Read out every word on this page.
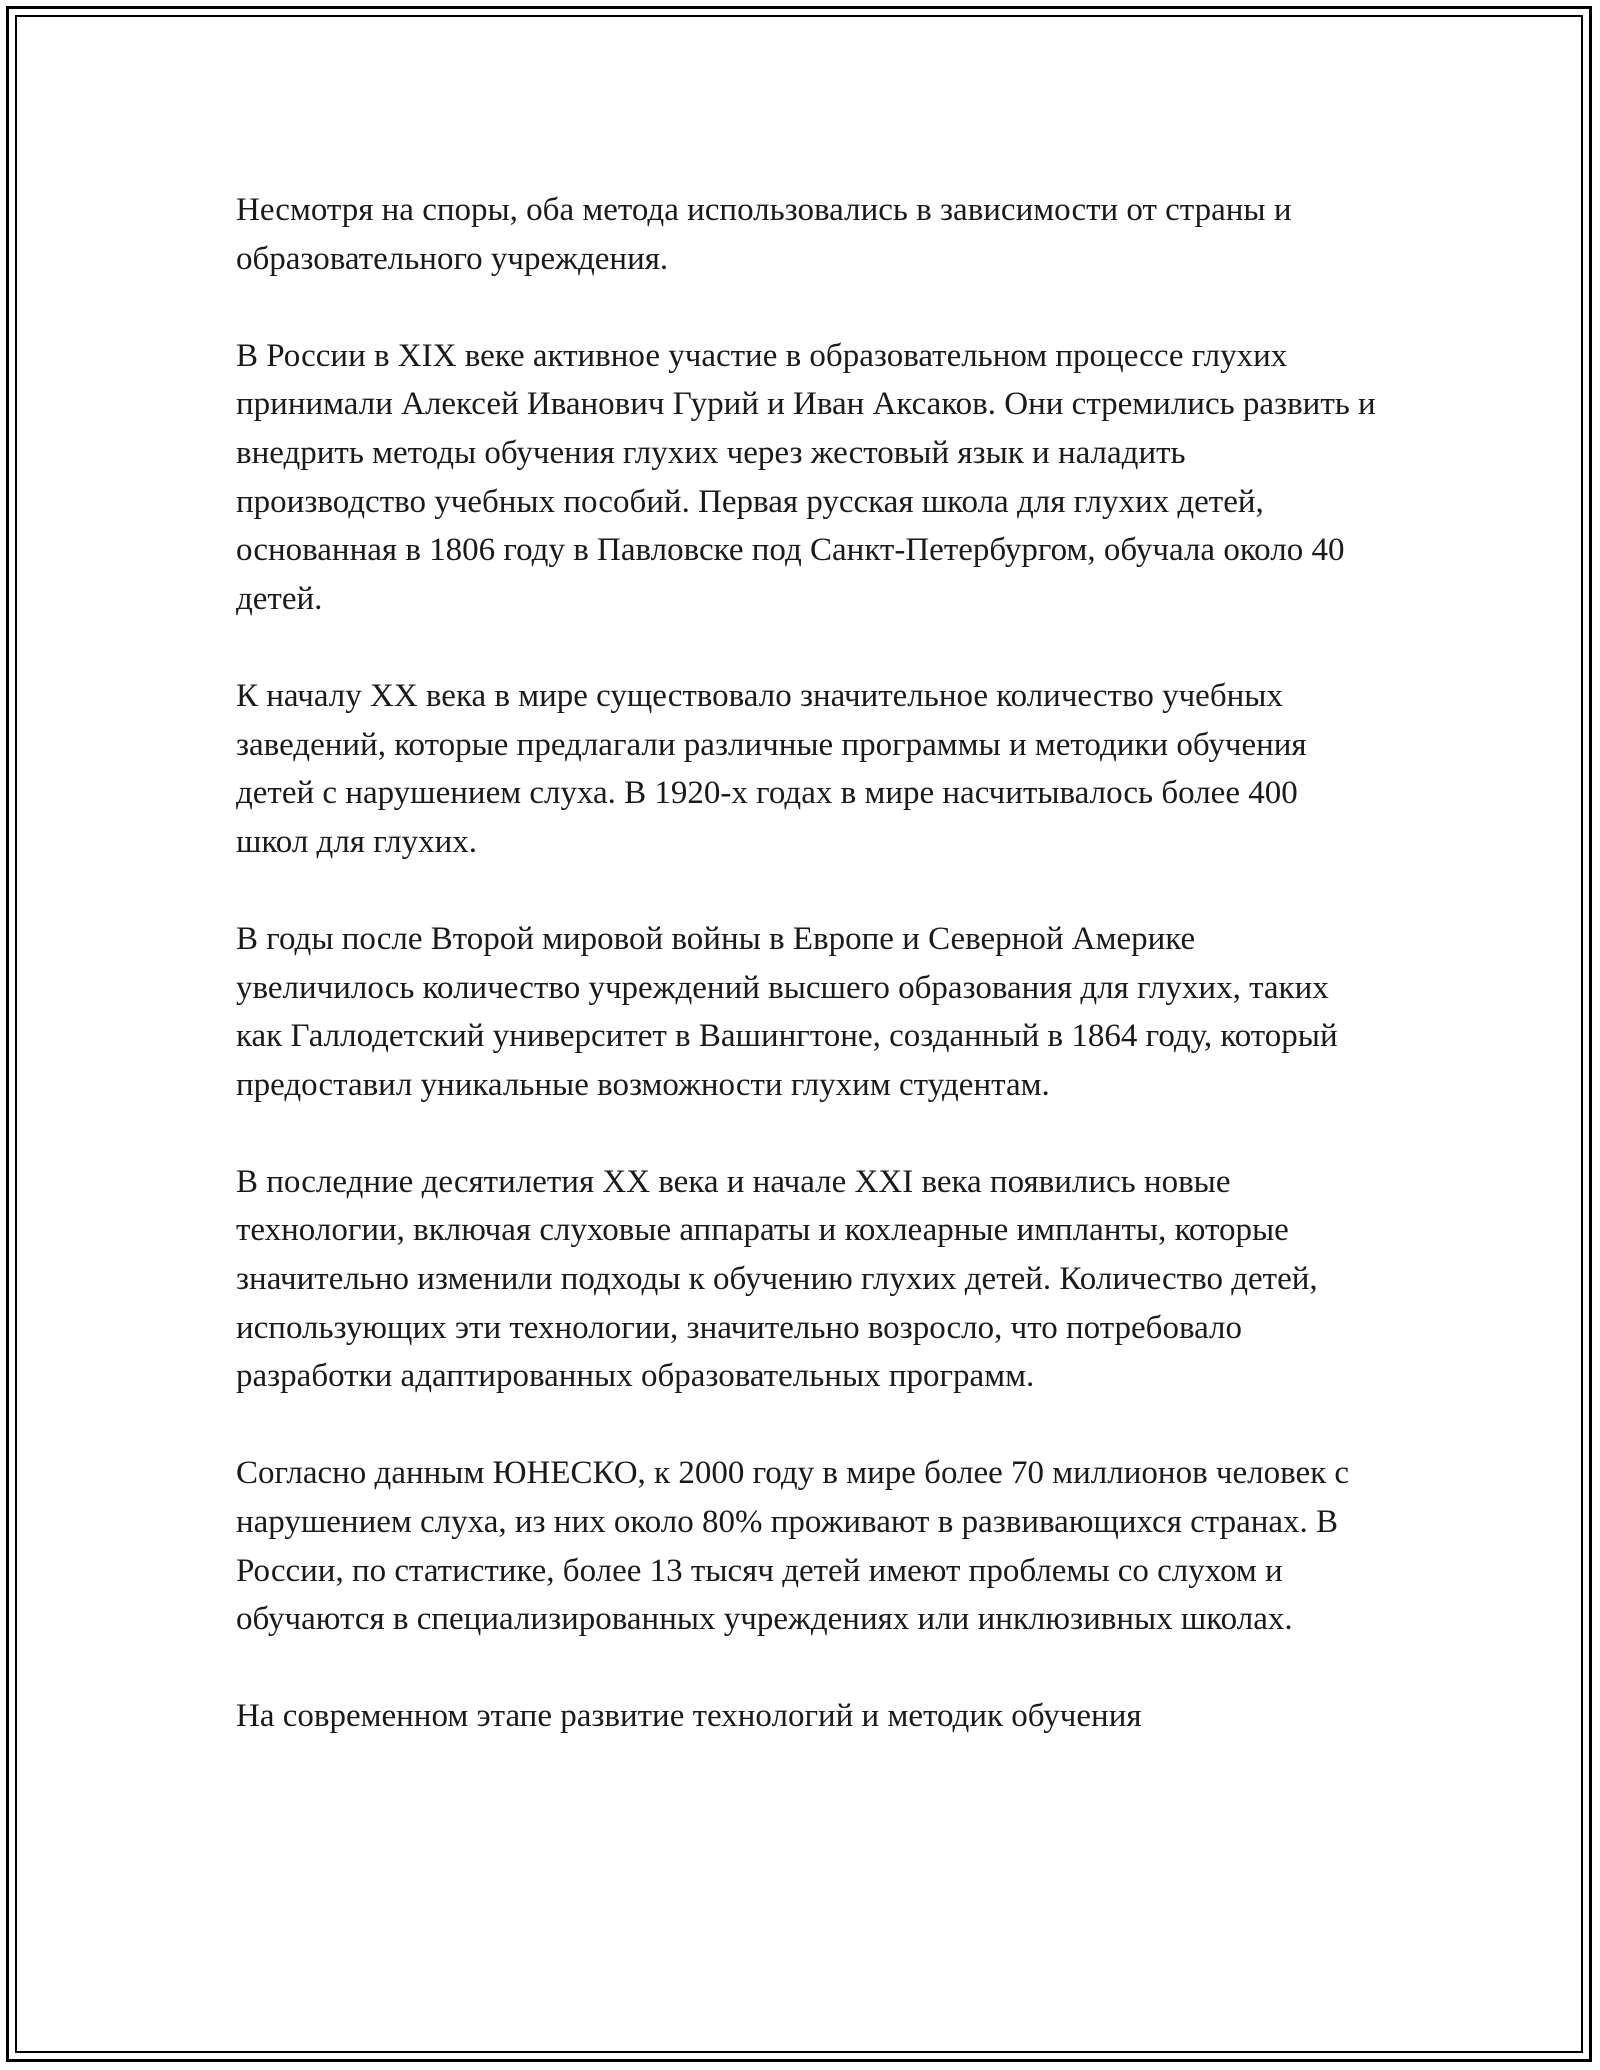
Несмотря на споры, оба метода использовались в зависимости от страны и образовательного учреждения.

В России в XIX веке активное участие в образовательном процессе глухих принимали Алексей Иванович Гурий и Иван Аксаков. Они стремились развить и внедрить методы обучения глухих через жестовый язык и наладить производство учебных пособий. Первая русская школа для глухих детей, основанная в 1806 году в Павловске под Санкт-Петербургом, обучала около 40 детей.

К началу XX века в мире существовало значительное количество учебных заведений, которые предлагали различные программы и методики обучения детей с нарушением слуха. В 1920-х годах в мире насчитывалось более 400 школ для глухих.

В годы после Второй мировой войны в Европе и Северной Америке увеличилось количество учреждений высшего образования для глухих, таких как Галлодетский университет в Вашингтоне, созданный в 1864 году, который предоставил уникальные возможности глухим студентам.

В последние десятилетия XX века и начале XXI века появились новые технологии, включая слуховые аппараты и кохлеарные импланты, которые значительно изменили подходы к обучению глухих детей. Количество детей, использующих эти технологии, значительно возросло, что потребовало разработки адаптированных образовательных программ.

Согласно данным ЮНЕСКО, к 2000 году в мире более 70 миллионов человек с нарушением слуха, из них около 80% проживают в развивающихся странах. В России, по статистике, более 13 тысяч детей имеют проблемы со слухом и обучаются в специализированных учреждениях или инклюзивных школах.

На современном этапе развитие технологий и методик обучения
